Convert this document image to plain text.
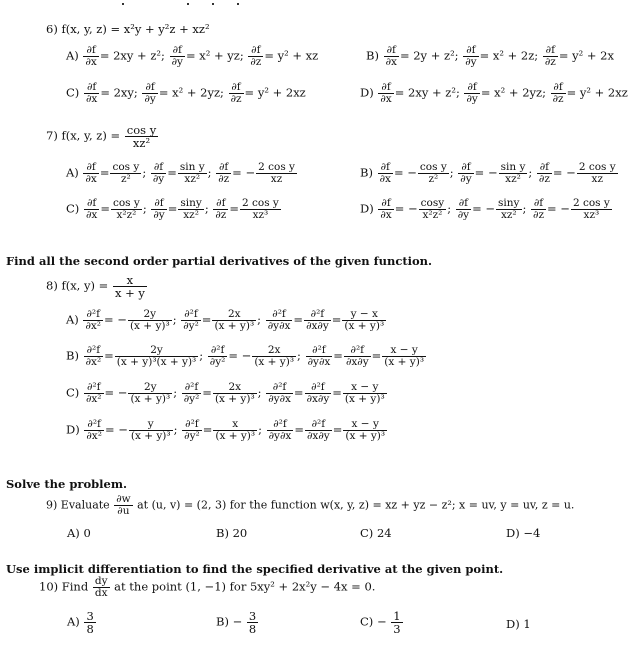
6) f(x, y, z) = x²y + y²z + xz²
$A) \frac{\partial f}{\partial x} = 2xy + z^2$; $\frac{\partial f}{\partial y} = x^2$ + yz; $\frac{\partial f}{\partial z} = y^2$ + xz	$B) \frac{\partial f}{\partial x} = 2y + z^2$; $\frac{\partial f}{\partial y} = x^2 + 2z$; $\frac{\partial f}{\partial z} = y^2 + 2x$
$C) \frac{\partial f}{\partial x} = 2xy$; $\frac{\partial f}{\partial y} = x^2 + 2yz$; $\frac{\partial f}{\partial z} = y^2 + 2xz$	$D) \frac{\partial f}{\partial x} = 2xy + z^2$; $\frac{\partial f}{\partial y} = x^2 + 2yz$; $\frac{\partial f}{\partial z} = y^2 + 2xz$
7) f(x, y, $z) = \frac{\text{cos y}}{\text{xz²}}$
$A) \frac{\partial f}{\partial x} = \frac{\text{cos y}}{\text{z²}}$ ; $\frac{\partial f}{\partial y} = \frac{\text{sin y}}{\text{xz²}}$ ; $\frac{\partial f}{\partial z}$ = − $\frac{\text{2 cos y}}{xz}$	$B) \frac{\partial f}{\partial x}$ = − $\frac{\text{cos y}}{\text{z²}}$ ; $\frac{\partial f}{\partial y}$ = − $\frac{\text{sin y}}{\text{xz²}}$ ; $\frac{\partial f}{\partial z}$ = − $\frac{\text{2 cos y}}{xz}$
$C) \frac{\partial f}{\partial x} = \frac{\text{cos y}}{\text{x²z²}}$ ; $\frac{\partial f}{\partial y} = \frac{\sin y}{\text{xz²}}$ ; $\frac{\partial f}{\partial z} = \frac{\text{2 cos y}}{\text{xz³}}$	$D) \frac{\partial f}{\partial x}$ = − $\frac{\cos y}{\text{x²z²}}$ ; $\frac{\partial f}{\partial y}$ = − $\frac{\sin y}{\text{xz²}}$ ; $\frac{\partial f}{\partial z}$ = − $\frac{\text{2 cos y}}{\text{xz³}}$
Find all the second order partial derivatives of the given function.
8) f(x, $y) = \frac{x}{x + y}$
$A) \frac{\text{∂²f}}{\text{∂x²}}$ = − $\frac{2y}{\text{(x + y)³}}$ ; $\frac{\text{∂²f}}{\text{∂y²}} = \frac{2x}{\text{(x + y)³}}$ ; $\frac{\text{∂²f}}{\partial y\partial x} = \frac{\text{∂²f}}{\partial x\partial y} = \frac{y - x}{\text{(x + y)³}}$
$B) \frac{\text{∂²f}}{\text{∂x²}} = \frac{2y}{\text{(x + y)³(x + y)³}}$ ; $\frac{\text{∂²f}}{\text{∂y²}}$ = − $\frac{2x}{\text{(x + y)³}}$ ; $\frac{\text{∂²f}}{\partial y\partial x} = \frac{\text{∂²f}}{\partial x\partial y} = \frac{x - y}{\text{(x + y)³}}$
$C) \frac{\text{∂²f}}{\text{∂x²}}$ = − $\frac{2y}{\text{(x + y)³}}$ ; $\frac{\text{∂²f}}{\text{∂y²}} = \frac{2x}{\text{(x + y)³}}$ ; $\frac{\text{∂²f}}{\partial y\partial x} = \frac{\text{∂²f}}{\partial x\partial y} = \frac{x - y}{\text{(x + y)³}}$
$D) \frac{\text{∂²f}}{\text{∂x²}}$ = − $\frac{y}{\text{(x + y)³}}$ ; $\frac{\text{∂²f}}{\text{∂y²}} = \frac{x}{\text{(x + y)³}}$ ; $\frac{\text{∂²f}}{\partial y\partial x} = \frac{\text{∂²f}}{\partial x\partial y} = \frac{x - y}{\text{(x + y)³}}$
Solve the problem.
9) Evaluate $\frac{\partial w}{\partial u}$ at (u, v) = (2, 3) for the function w(x, y, z) = xz + yz − z²; x = uv, y = uv, z = u.
A) 0	B) 20	C) 24	D) −4
Use implicit differentiation to find the specified derivative at the given point.
10) Find $\frac{dy}{dx}$ at the point (1, −1) for 5xy² + 2x²y − 4x = 0.
$A) \frac{3}{8}$	$B) - \frac{3}{8}$	$C) - \frac{1}{3}$	D) 1
